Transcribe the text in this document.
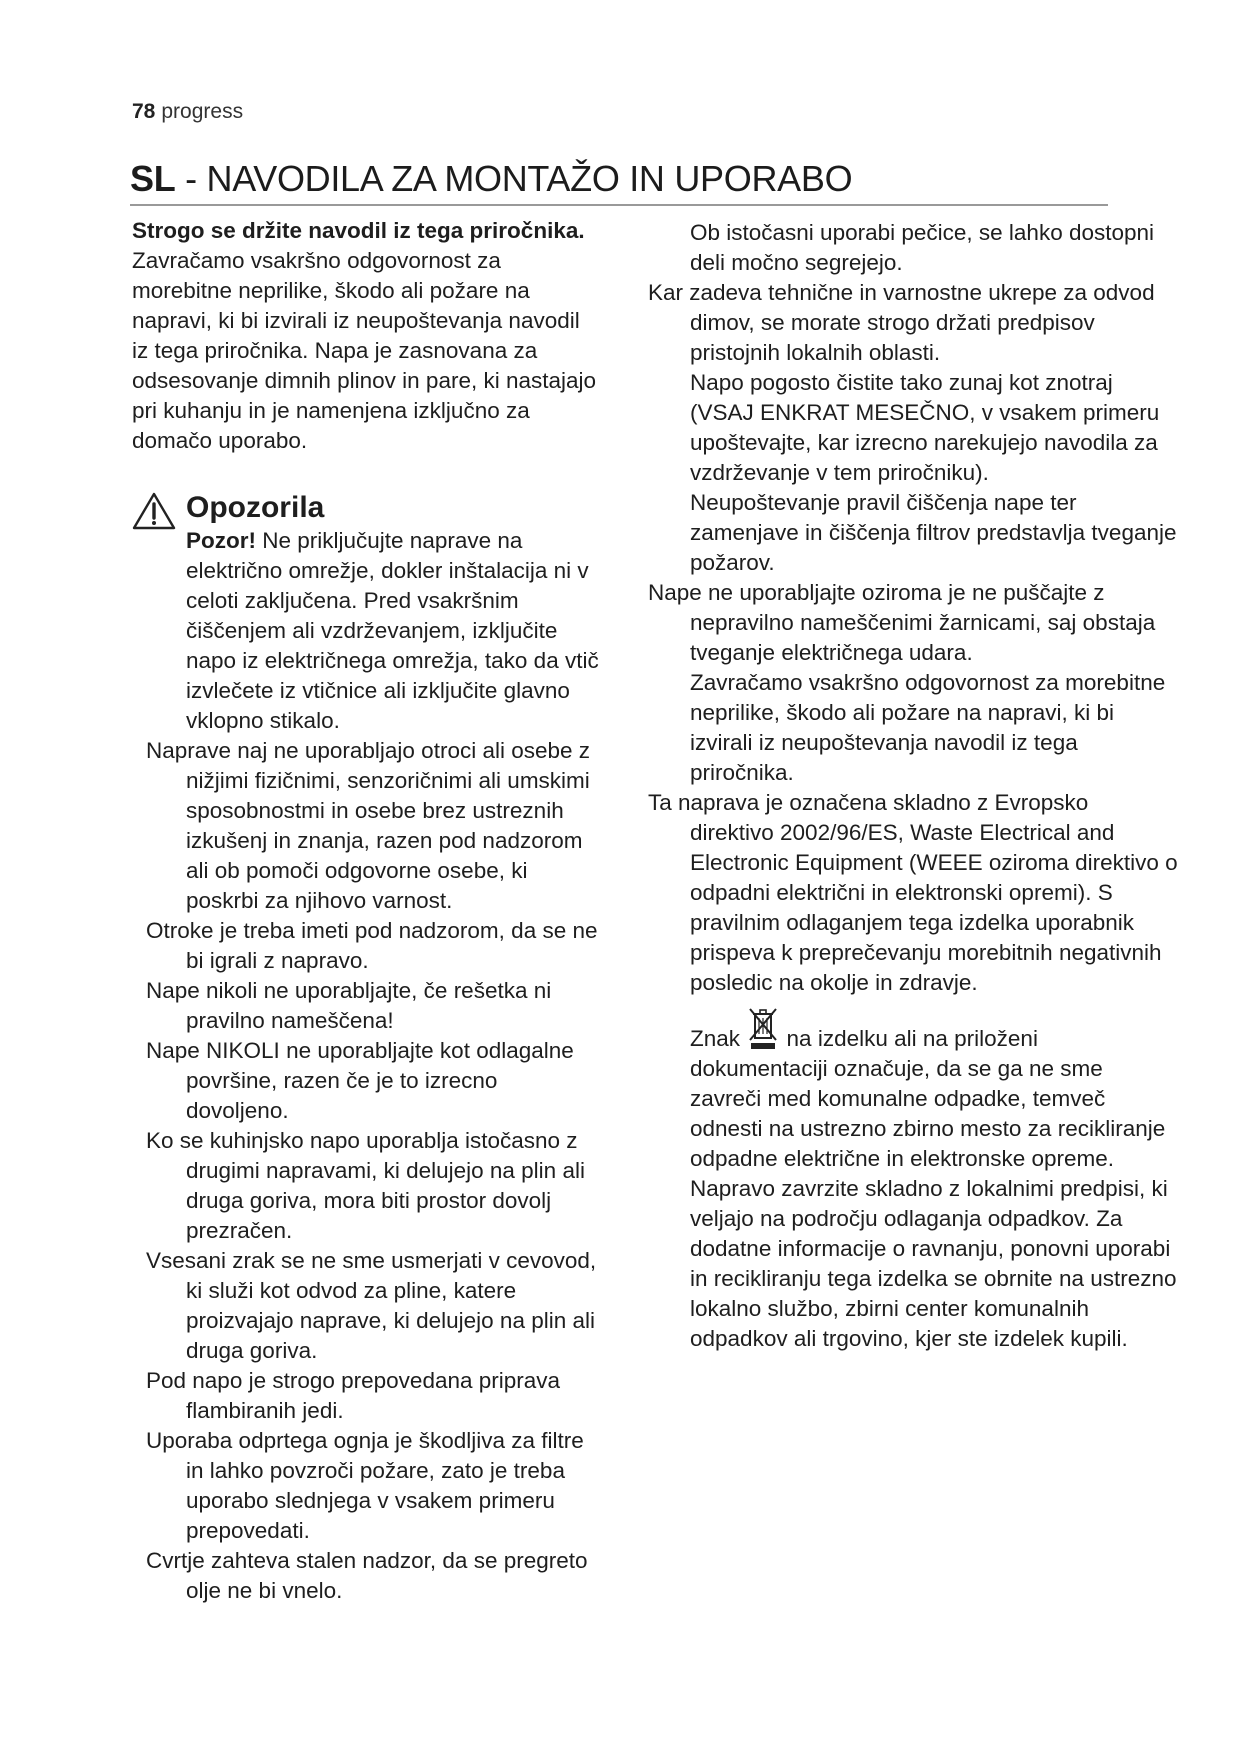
78 progress
SL - NAVODILA ZA MONTAŽO IN UPORABO

Strogo se držite navodil iz tega priročnika. Zavračamo vsakršno odgovornost za morebitne neprilike, škodo ali požare na napravi, ki bi izvirali iz neupoštevanja navodil iz tega priročnika. Napa je zasnovana za odsesovanje dimnih plinov in pare, ki nastajajo pri kuhanju in je namenjena izključno za domačo uporabo.

Opozorila

Pozor! Ne priključujte naprave na električno omrežje, dokler inštalacija ni v celoti zaključena. Pred vsakršnim čiščenjem ali vzdrževanjem, izključite napo iz električnega omrežja, tako da vtič izvlečete iz vtičnice ali izključite glavno vklopno stikalo.

Naprave naj ne uporabljajo otroci ali osebe z nižjimi fizičnimi, senzoričnimi ali umskimi sposobnostmi in osebe brez ustreznih izkušenj in znanja, razen pod nadzorom ali ob pomoči odgovorne osebe, ki poskrbi za njihovo varnost.

Otroke je treba imeti pod nadzorom, da se ne bi igrali z napravo.

Nape nikoli ne uporabljajte, če rešetka ni pravilno nameščena!

Nape NIKOLI ne uporabljajte kot odlagalne površine, razen če je to izrecno dovoljeno.

Ko se kuhinjsko napo uporablja istočasno z drugimi napravami, ki delujejo na plin ali druga goriva, mora biti prostor dovolj prezračen.

Vsesani zrak se ne sme usmerjati v cevovod, ki služi kot odvod za pline, katere proizvajajo naprave, ki delujejo na plin ali druga goriva.

Pod napo je strogo prepovedana priprava flambiranih jedi.

Uporaba odprtega ognja je škodljiva za filtre in lahko povzroči požare, zato je treba uporabo slednjega v vsakem primeru prepovedati.

Cvrtje zahteva stalen nadzor, da se pregreto olje ne bi vnelo.

Ob istočasni uporabi pečice, se lahko dostopni deli močno segrejejo.

Kar zadeva tehnične in varnostne ukrepe za odvod dimov, se morate strogo držati predpisov pristojnih lokalnih oblasti.

Napo pogosto čistite tako zunaj kot znotraj (VSAJ ENKRAT MESEČNO, v vsakem primeru upoštevajte, kar izrecno narekujejo navodila za vzdrževanje v tem priročniku).

Neupoštevanje pravil čiščenja nape ter zamenjave in čiščenja filtrov predstavlja tveganje požarov.

Nape ne uporabljajte oziroma je ne puščajte z nepravilno nameščenimi žarnicami, saj obstaja tveganje električnega udara.

Zavračamo vsakršno odgovornost za morebitne neprilike, škodo ali požare na napravi, ki bi izvirali iz neupoštevanja navodil iz tega priročnika.

Ta naprava je označena skladno z Evropsko direktivo 2002/96/ES, Waste Electrical and Electronic Equipment (WEEE oziroma direktivo o odpadni električni in elektronski opremi). S pravilnim odlaganjem tega izdelka uporabnik prispeva k preprečevanju morebitnih negativnih posledic na okolje in zdravje.

Znak  na izdelku ali na priloženi dokumentaciji označuje, da se ga ne sme zavreči med komunalne odpadke, temveč odnesti na ustrezno zbirno mesto za recikliranje odpadne električne in elektronske opreme. Napravo zavrzite skladno z lokalnimi predpisi, ki veljajo na področju odlaganja odpadkov. Za dodatne informacije o ravnanju, ponovni uporabi in recikliranju tega izdelka se obrnite na ustrezno lokalno službo, zbirni center komunalnih odpadkov ali trgovino, kjer ste izdelek kupili.
